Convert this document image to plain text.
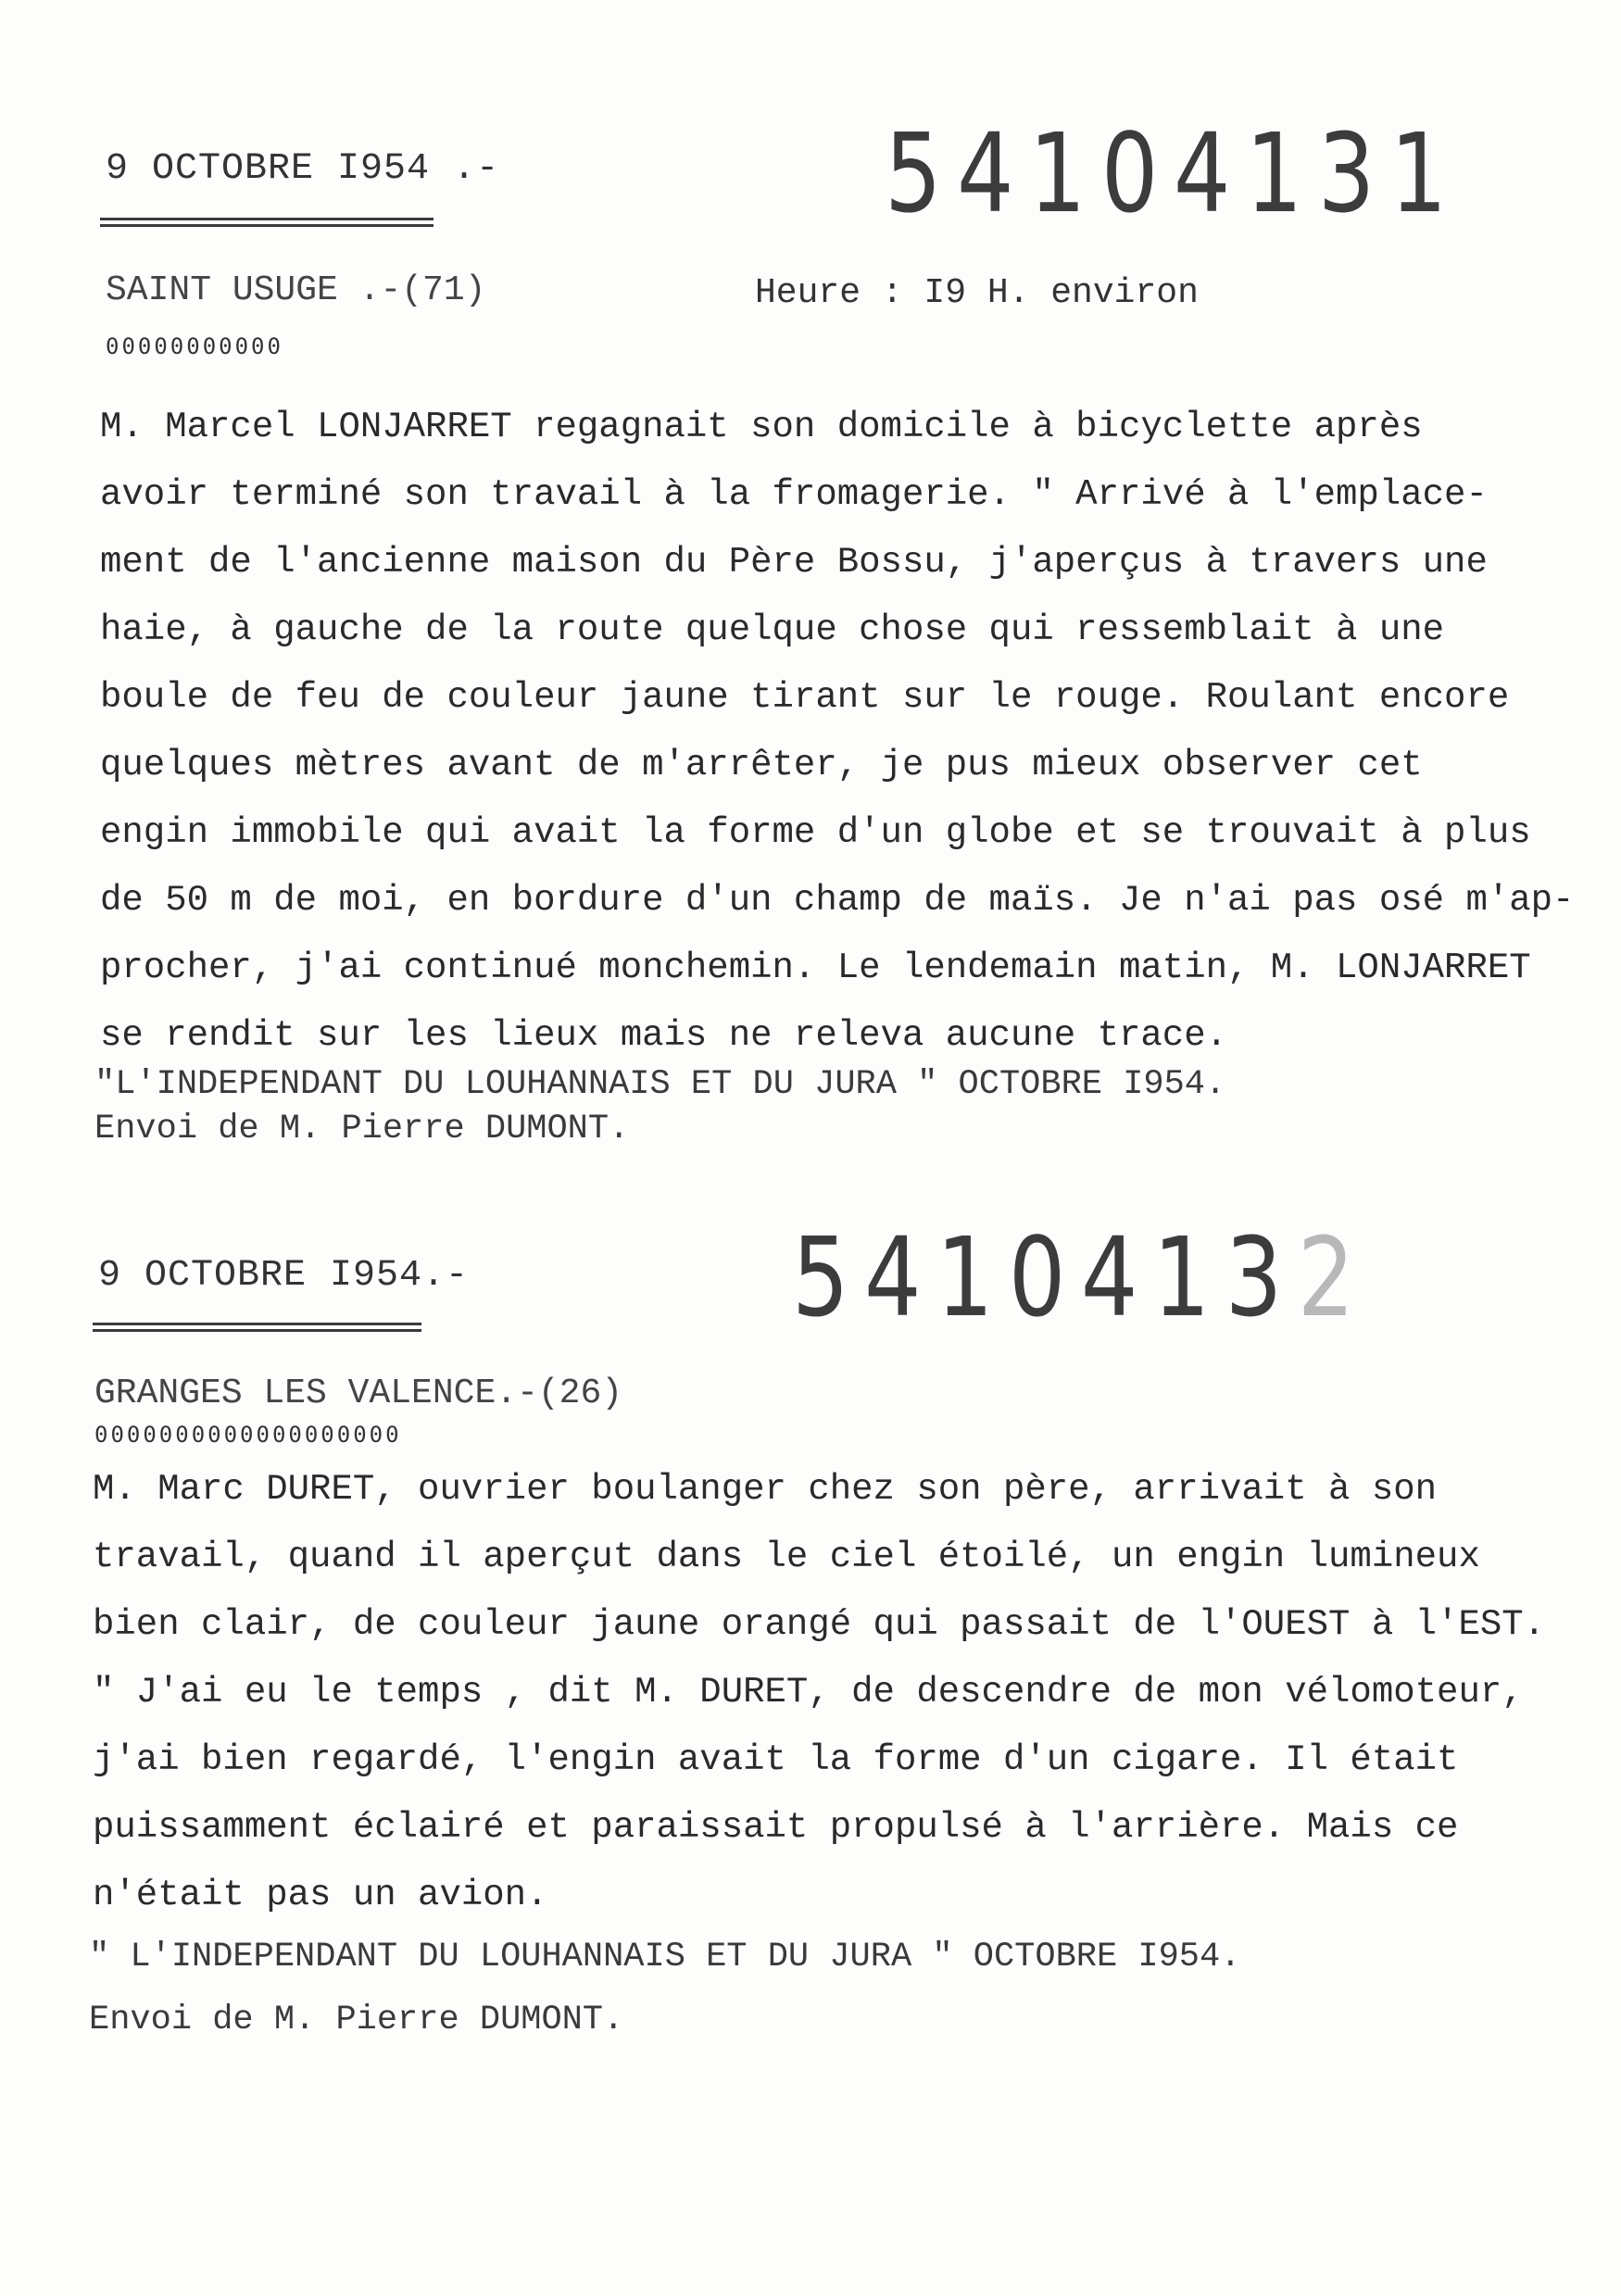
9 OCTOBRE I954 .-	54104131
SAINT USUGE .-(71)	Heure : I9 H. environ
00000000000
M. Marcel LONJARRET regagnait son domicile à bicyclette après
avoir terminé son travail à la fromagerie. " Arrivé à l'emplace-
ment de l'ancienne maison du Père Bossu, j'aperçus à travers une
haie, à gauche de la route quelque chose qui ressemblait à une
boule de feu de couleur jaune tirant sur le rouge. Roulant encore
quelques mètres avant de m'arrêter, je pus mieux observer cet
engin immobile qui avait la forme d'un globe et se trouvait à plus
de 50 m de moi, en bordure d'un champ de maïs. Je n'ai pas osé m'ap-
procher, j'ai continué monchemin. Le lendemain matin, M. LONJARRET
se rendit sur les lieux mais ne releva aucune trace.
"L'INDEPENDANT DU LOUHANNAIS ET DU JURA " OCTOBRE I954.
Envoi de M. Pierre DUMONT.
9 OCTOBRE I954.-	54104132
GRANGES LES VALENCE.-(26)
0000000000000000000
M. Marc DURET, ouvrier boulanger chez son père, arrivait à son
travail, quand il aperçut dans le ciel étoilé, un engin lumineux
bien clair, de couleur jaune orangé qui passait de l'OUEST à l'EST.
" J'ai eu le temps , dit M. DURET, de descendre de mon vélomoteur,
j'ai bien regardé, l'engin avait la forme d'un cigare. Il était
puissamment éclairé et paraissait propulsé à l'arrière. Mais ce
n'était pas un avion.
" L'INDEPENDANT DU LOUHANNAIS ET DU JURA " OCTOBRE I954.
Envoi de M. Pierre DUMONT.
